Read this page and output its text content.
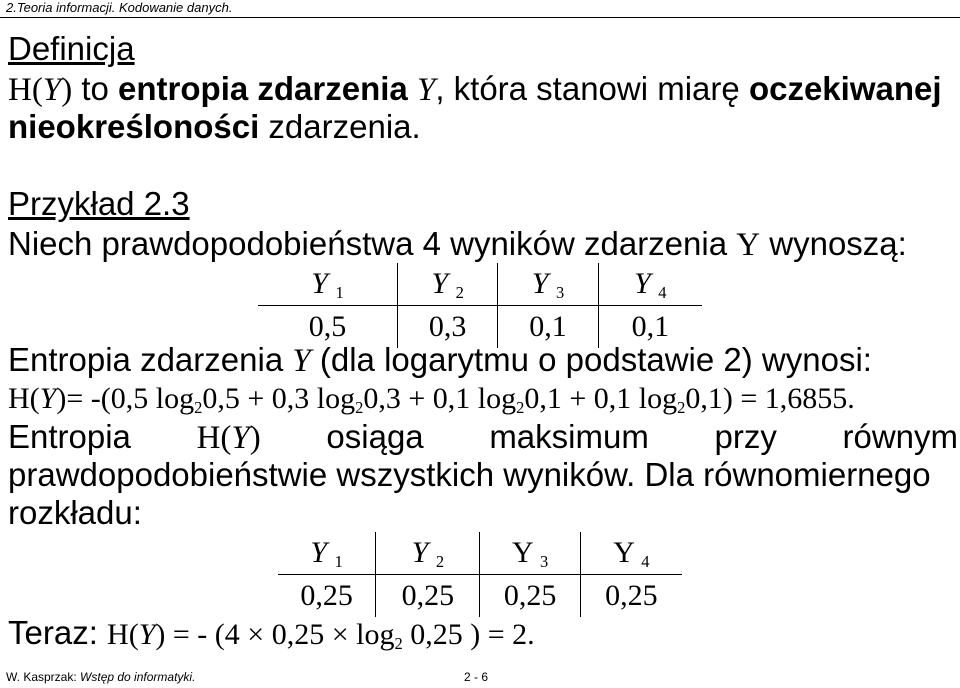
2.Teoria informacji. Kodowanie danych.
Definicja
H(Y) to entropia zdarzenia Y, która stanowi miarę oczekiwanej
nieokreśloności zdarzenia.
Przykład 2.3
Niech prawdopodobieństwa 4 wyników zdarzenia Y wynoszą:
Y $_1$	Y $_2$	Y $_3$	Y $_4$
0,5	0,3	0,1	0,1
Entropia zdarzenia Y (dla logarytmu o podstawie 2) wynosi:
H(Y)= -(0,5 $\log_20,5 + 0,3$ $\log_20,3 + 0,1$ $\log_20,1 + 0,1$ $\log_20,1) = 1,6855$.
Entropia H(Y) osiąga maksimum przy równym
prawdopodobieństwie wszystkich wyników. Dla równomiernego
rozkładu:
Y $_1$	Y $_2$	Y $_3$	Y $_4$
0,25	0,25	0,25	0,25
Teraz: H(Y) = - ($4 \times 0,25 \times \log_2 0,25$ ) = 2.
W. Kasprzak: Wstęp do informatyki.	2 - 6
